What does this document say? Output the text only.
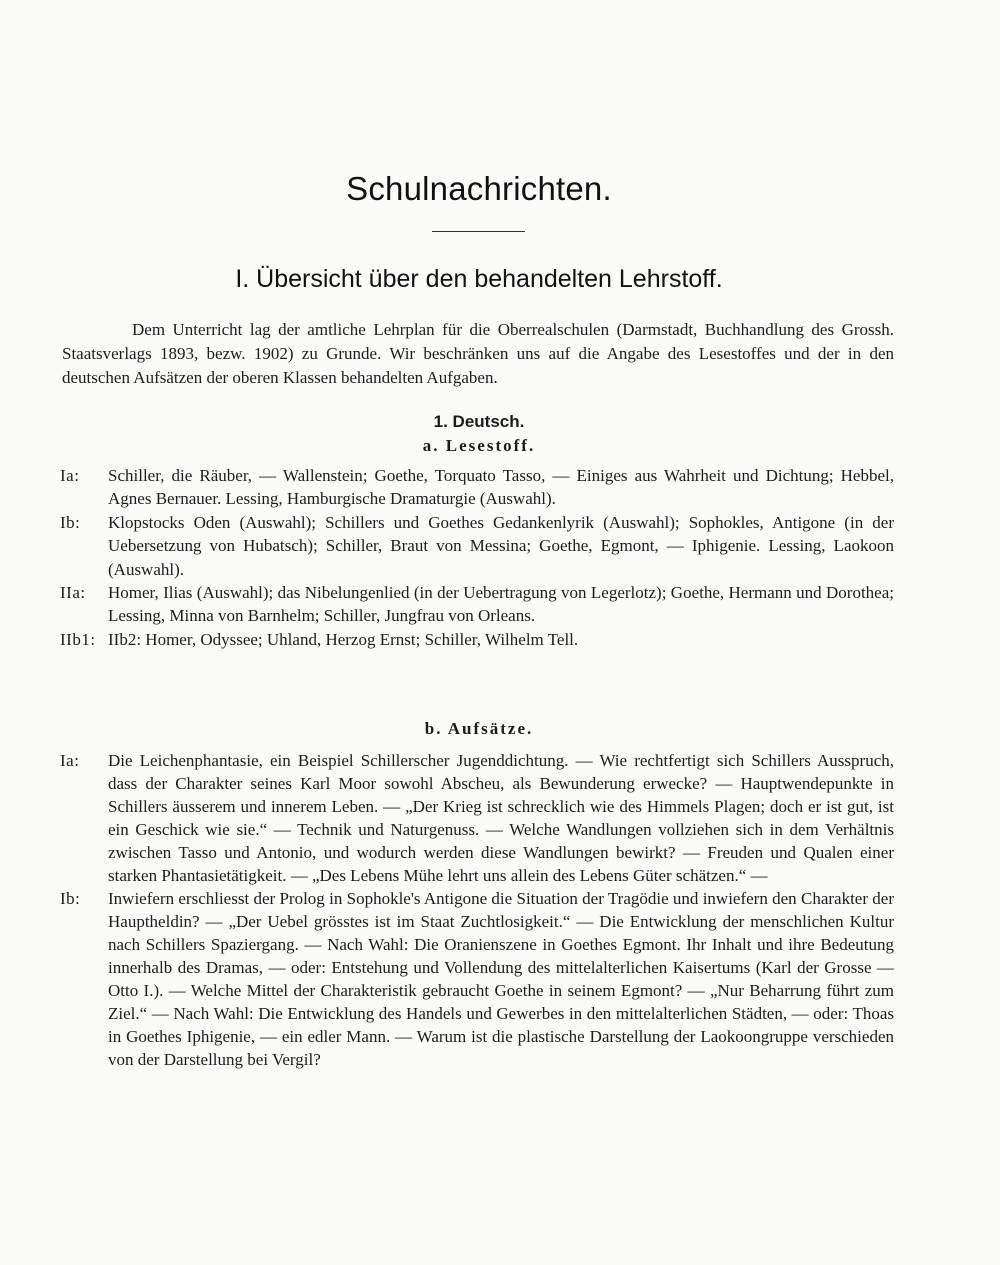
Schulnachrichten.
I. Übersicht über den behandelten Lehrstoff.

Dem Unterricht lag der amtliche Lehrplan für die Oberrealschulen (Darmstadt, Buchhandlung des Grossh. Staatsverlags 1893, bezw. 1902) zu Grunde. Wir beschränken uns auf die Angabe des Lesestoffes und der in den deutschen Aufsätzen der oberen Klassen behandelten Aufgaben.

1. Deutsch.
a. Lesestoff.
Ia:	Schiller, die Räuber, — Wallenstein; Goethe, Torquato Tasso, — Einiges aus Wahrheit und Dichtung; Hebbel, Agnes Bernauer. Lessing, Hamburgische Dramaturgie (Auswahl).
Ib:	Klopstocks Oden (Auswahl); Schillers und Goethes Gedankenlyrik (Auswahl); Sophokles, Antigone (in der Uebersetzung von Hubatsch); Schiller, Braut von Messina; Goethe, Egmont, — Iphigenie. Lessing, Laokoon (Auswahl).
IIa:	Homer, Ilias (Auswahl); das Nibelungenlied (in der Uebertragung von Legerlotz); Goethe, Hermann und Dorothea; Lessing, Minna von Barnhelm; Schiller, Jungfrau von Orleans.
IIb1: IIb2: Homer, Odyssee; Uhland, Herzog Ernst; Schiller, Wilhelm Tell.
b. Aufsätze.
Ia:	Die Leichenphantasie, ein Beispiel Schillerscher Jugenddichtung. — Wie rechtfertigt sich Schillers Ausspruch, dass der Charakter seines Karl Moor sowohl Abscheu, als Bewunderung erwecke? — Hauptwendepunkte in Schillers äusserem und innerem Leben. — „Der Krieg ist schrecklich wie des Himmels Plagen; doch er ist gut, ist ein Geschick wie sie.“ — Technik und Naturgenuss. — Welche Wandlungen vollziehen sich in dem Verhältnis zwischen Tasso und Antonio, und wodurch werden diese Wandlungen bewirkt? — Freuden und Qualen einer starken Phantasietätigkeit. — „Des Lebens Mühe lehrt uns allein des Lebens Güter schätzen.“ —
Ib:	Inwiefern erschliesst der Prolog in Sophokle's Antigone die Situation der Tragödie und inwiefern den Charakter der Hauptheldin? — „Der Uebel grösstes ist im Staat Zuchtlosigkeit.“ — Die Entwicklung der menschlichen Kultur nach Schillers Spaziergang. — Nach Wahl: Die Oranienszene in Goethes Egmont. Ihr Inhalt und ihre Bedeutung innerhalb des Dramas, — oder: Entstehung und Vollendung des mittelalterlichen Kaisertums (Karl der Grosse — Otto I.). — Welche Mittel der Charakteristik gebraucht Goethe in seinem Egmont? — „Nur Beharrung führt zum Ziel.“ — Nach Wahl: Die Entwicklung des Handels und Gewerbes in den mittelalterlichen Städten, — oder: Thoas in Goethes Iphigenie, — ein edler Mann. — Warum ist die plastische Darstellung der Laokoongruppe verschieden von der Darstellung bei Vergil?
